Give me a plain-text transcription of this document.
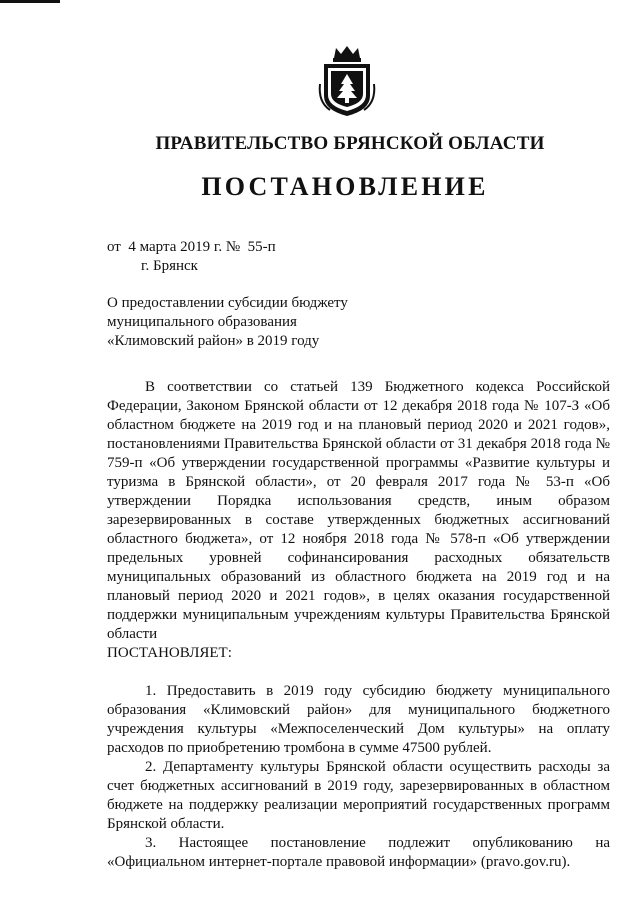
ПРАВИТЕЛЬСТВО БРЯНСКОЙ ОБЛАСТИ
ПОСТАНОВЛЕНИЕ
от  4 марта 2019 г. №  55-п
г. Брянск
О предоставлении субсидии бюджету муниципального образования «Климовский район» в 2019 году

В соответствии со статьей 139 Бюджетного кодекса Российской Федерации, Законом Брянской области от 12 декабря 2018 года № 107-З «Об областном бюджете на 2019 год и на плановый период 2020 и 2021 годов», постановлениями Правительства Брянской области от 31 декабря 2018 года № 759-п «Об утверждении государственной программы «Развитие культуры и туризма в Брянской области», от 20 февраля 2017 года № 53-п «Об утверждении Порядка использования средств, иным образом зарезервированных в составе утвержденных бюджетных ассигнований областного бюджета», от 12 ноября 2018 года № 578-п «Об утверждении предельных уровней софинансирования расходных обязательств муниципальных образований из областного бюджета на 2019 год и на плановый период 2020 и 2021 годов», в целях оказания государственной поддержки муниципальным учреждениям культуры Правительства Брянской области

ПОСТАНОВЛЯЕТ:

1. Предоставить в 2019 году субсидию бюджету муниципального образования «Климовский район» для муниципального бюджетного учреждения культуры «Межпоселенческий Дом культуры» на оплату расходов по приобретению тромбона в сумме 47500 рублей.

2. Департаменту культуры Брянской области осуществить расходы за счет бюджетных ассигнований в 2019 году, зарезервированных в областном бюджете на поддержку реализации мероприятий государственных программ Брянской области.

3. Настоящее постановление подлежит опубликованию на «Официальном интернет-портале правовой информации» (pravo.gov.ru).
